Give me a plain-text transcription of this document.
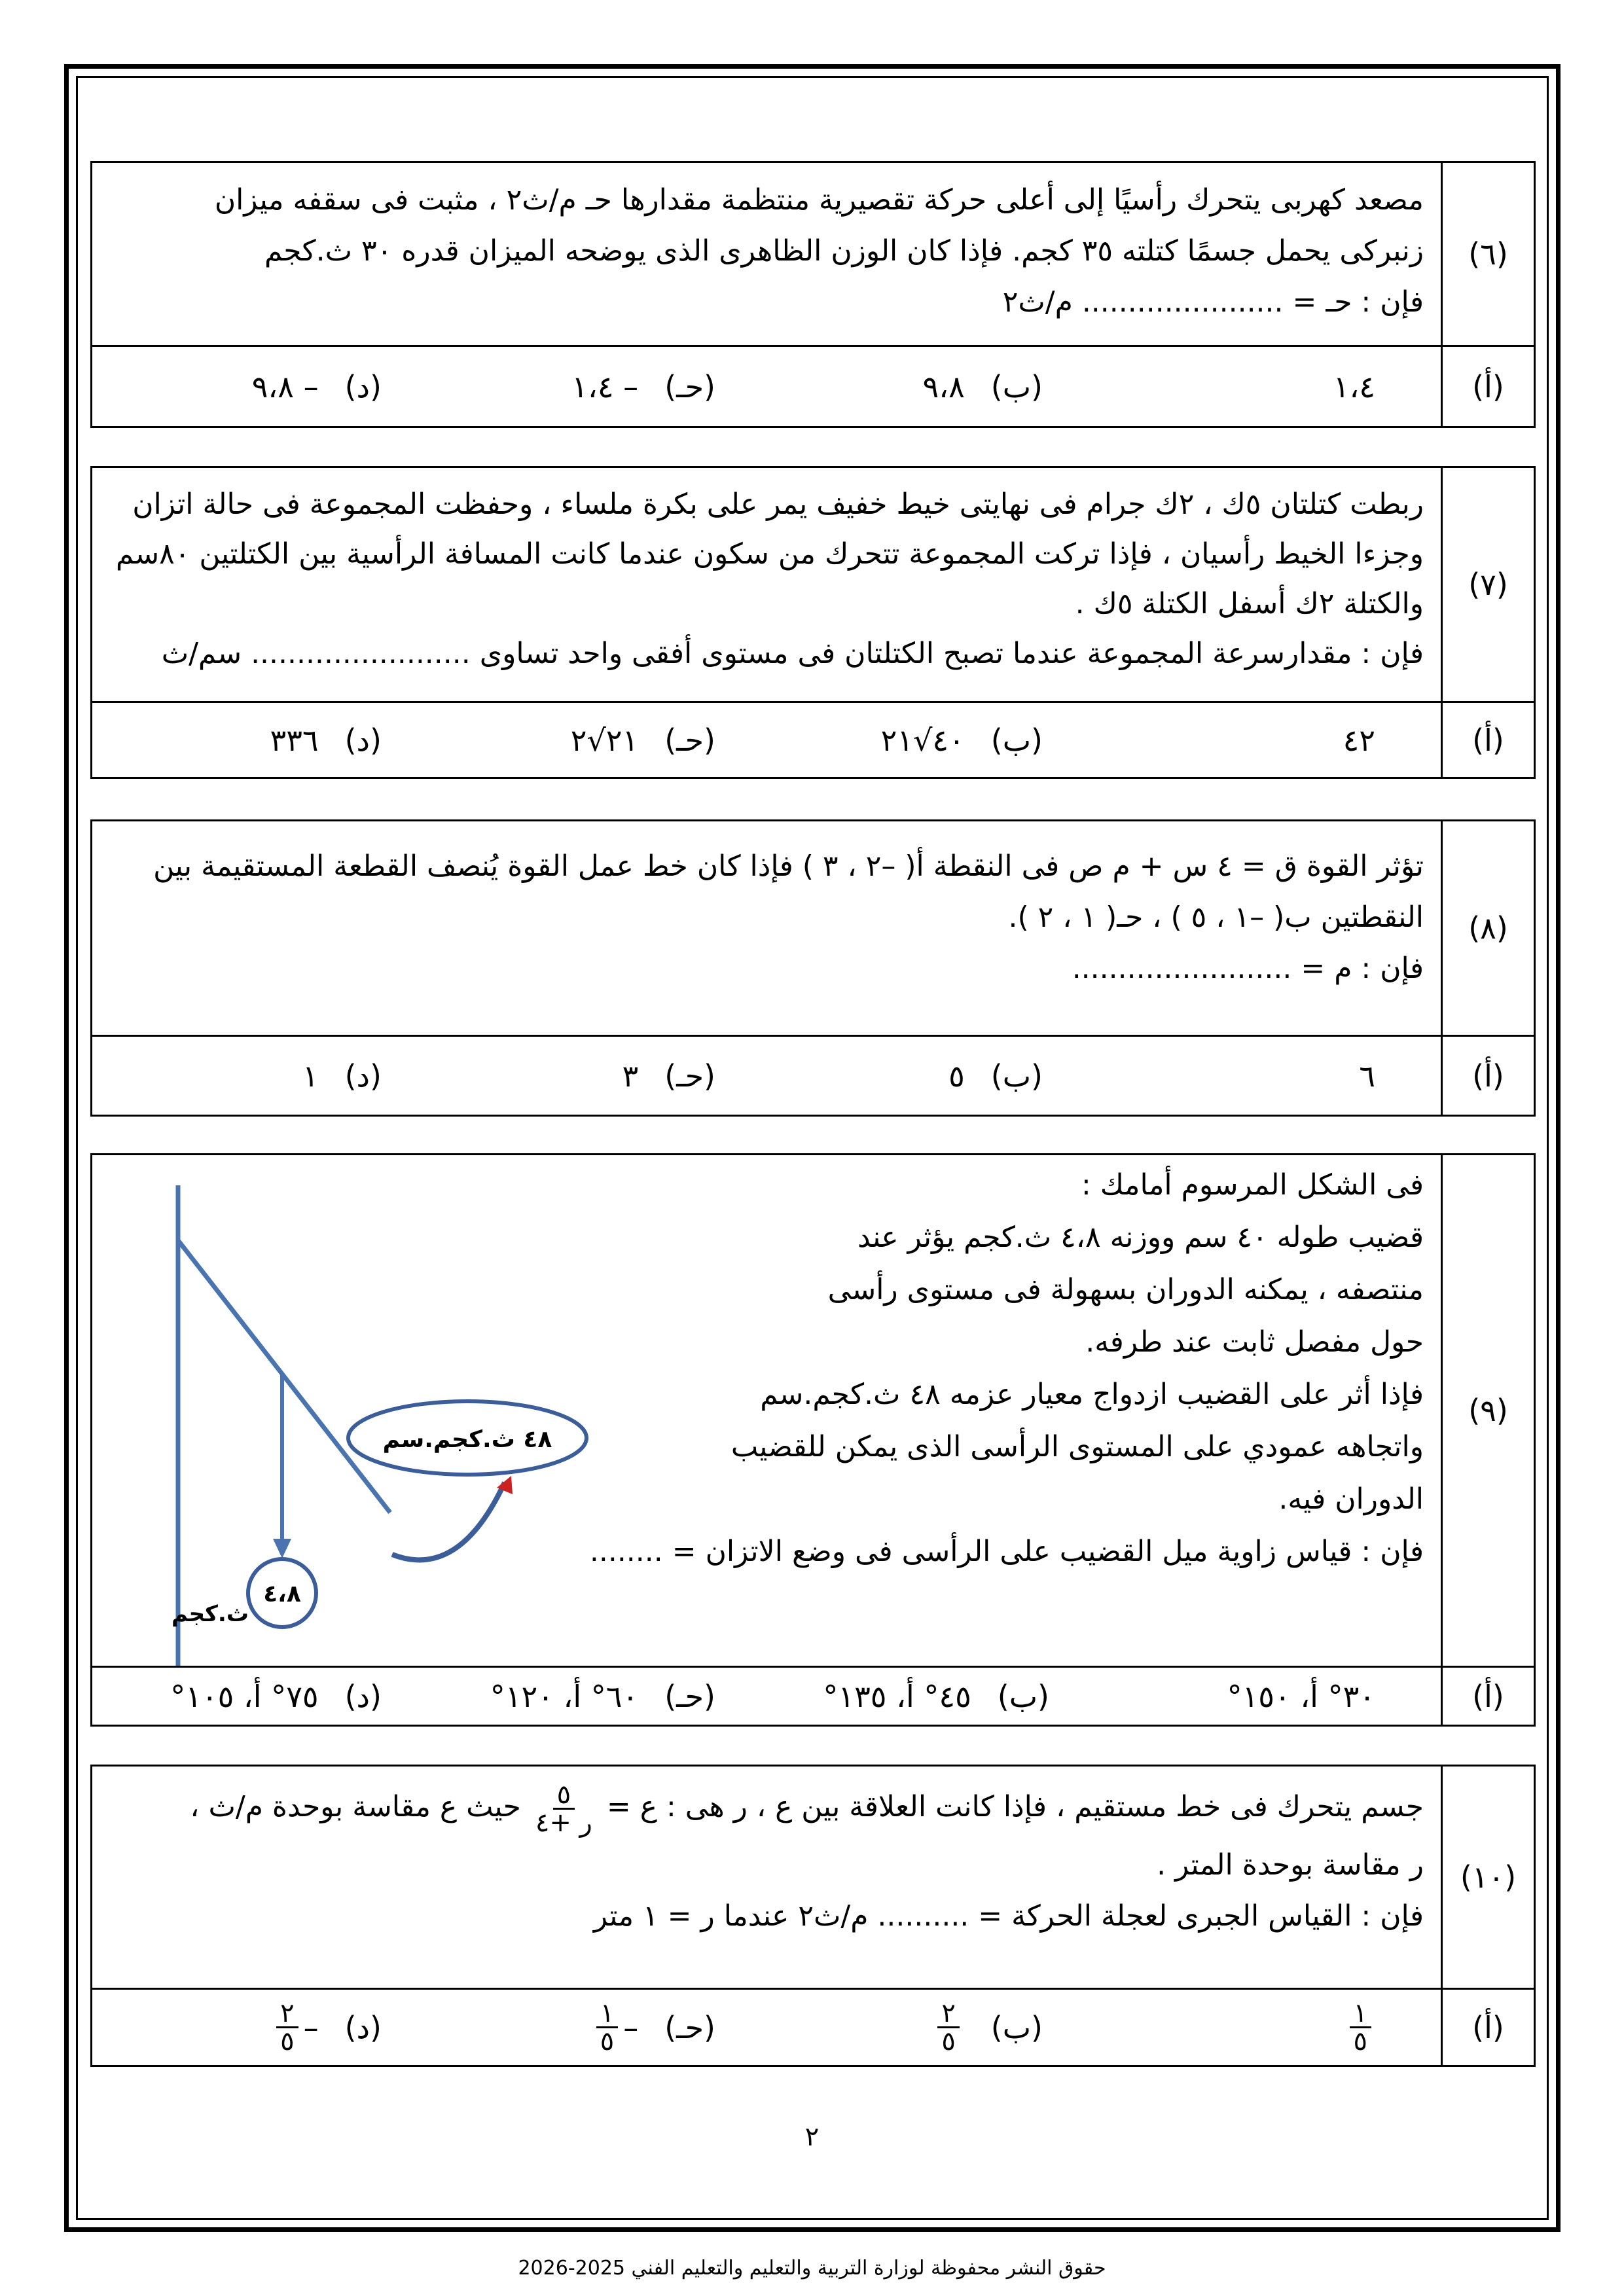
(٦)
مصعد كهربى يتحرك رأسيًا إلى أعلى حركة تقصيرية منتظمة مقدارها حـ م/ث٢ ، مثبت فى سقفه ميزان
زنبركى يحمل جسمًا كتلته ٣٥ كجم. فإذا كان الوزن الظاهرى الذى يوضحه الميزان قدره ٣٠ ث.كجم
فإن : حـ = ...................... م/ث٢
(أ)
١،٤
(ب)
٩،٨
(حـ)
– ١،٤
(د)
– ٩،٨
(٧)
ربطت كتلتان ٥ك ، ٢ك جرام فى نهايتى خيط خفيف يمر على بكرة ملساء ، وحفظت المجموعة فى حالة اتزان
وجزءا الخيط رأسيان ، فإذا تركت المجموعة تتحرك من سكون عندما كانت المسافة الرأسية بين الكتلتين ٨٠سم
والكتلة ٢ك أسفل الكتلة ٥ك .
فإن : مقدارسرعة المجموعة عندما تصبح الكتلتان فى مستوى أفقى واحد تساوى ........................ سم/ث
(أ)
٤٢
(ب)
٤٠√٢١
(حـ)
٢١√٢
(د)
٣٣٦
(٨)
تؤثر القوة ق = ٤ س + م ص فى النقطة أ( –٢ ، ٣ ) فإذا كان خط عمل القوة يُنصف القطعة المستقيمة بين
النقطتين ب( –١ ، ٥ ) ، حـ( ١ ، ٢ ).
فإن : م = ........................
(أ)
٦
(ب)
٥
(حـ)
٣
(د)
١
(٩)
فى الشكل المرسوم أمامك :
قضيب طوله ٤٠ سم ووزنه ٤،٨ ث.كجم يؤثر عند
منتصفه ، يمكنه الدوران بسهولة فى مستوى رأسى
حول مفصل ثابت عند طرفه.
فإذا أثر على القضيب ازدواج معيار عزمه ٤٨ ث.كجم.سم
واتجاهه عمودي على المستوى الرأسى الذى يمكن للقضيب
الدوران فيه.
فإن : قياس زاوية ميل القضيب على الرأسى فى وضع الاتزان = ........
٤٨ ث.كجم.سم
٤،٨
ث.كجم
(أ)
٣٠° أ، ١٥٠°
(ب)
٤٥° أ، ١٣٥°
(حـ)
٦٠° أ، ١٢٠°
(د)
٧٥° أ، ١٠٥°
(١٠)
جسم يتحرك فى خط مستقيم ، فإذا كانت العلاقة بين ع ، ر هى : ع =
$\frac{٥}{\text{ر +٤}}$
حيث ع مقاسة بوحدة م/ث ،
ر مقاسة بوحدة المتر .
فإن : القياس الجبرى لعجلة الحركة = .......... م/ث٢ عندما ر = ١ متر
(أ)
$\frac{١}{٥}$
(ب)
$\frac{٢}{٥}$
(حـ)
–
$\frac{١}{٥}$
(د)
–
$\frac{٢}{٥}$
٢
حقوق النشر محفوظة لوزارة التربية والتعليم والتعليم الفني 2025-2026
